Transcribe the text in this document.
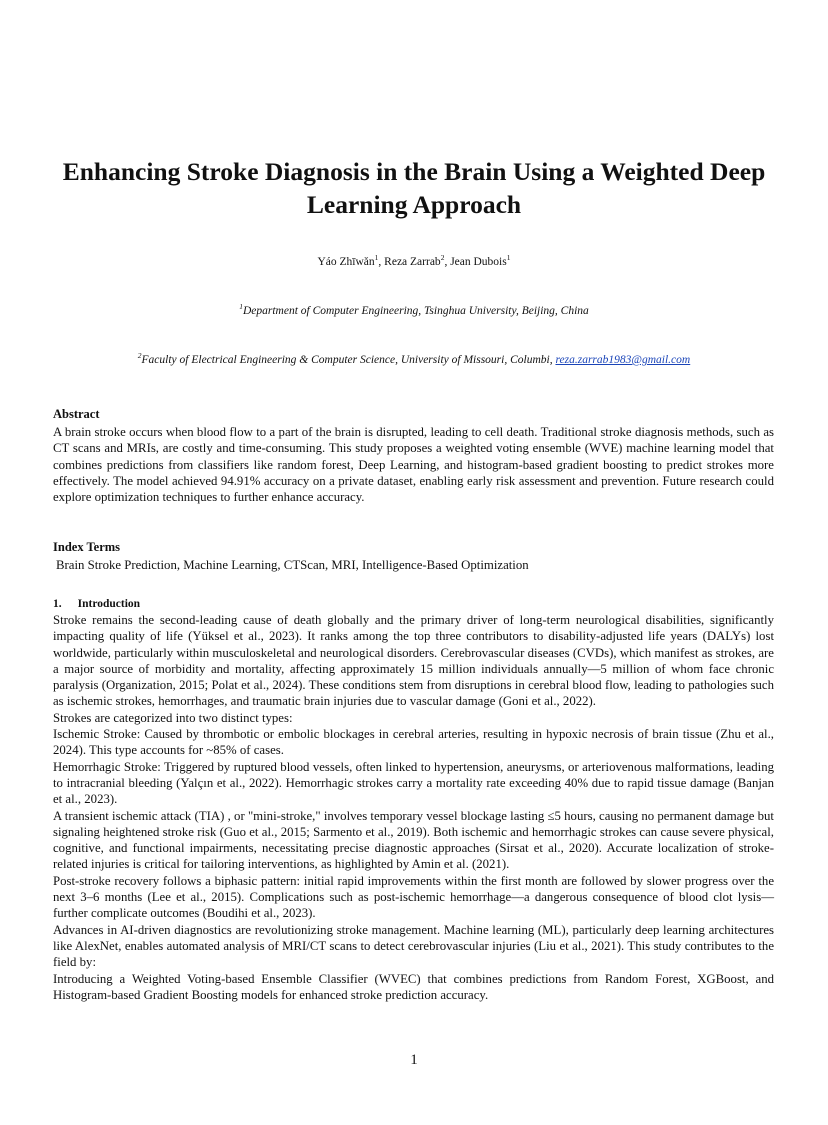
Enhancing Stroke Diagnosis in the Brain Using a Weighted Deep Learning Approach
Yáo Zhīwǎn$^1$, Reza Zarrab$^2$, Jean Dubois$^1$
$^1$Department of Computer Engineering, Tsinghua University, Beijing, China
$^2$Faculty of Electrical Engineering & Computer Science, University of Missouri, Columbi, reza.zarrab1983@gmail.com
Abstract

A brain stroke occurs when blood flow to a part of the brain is disrupted, leading to cell death. Traditional stroke diagnosis methods, such as CT scans and MRIs, are costly and time-consuming. This study proposes a weighted voting ensemble (WVE) machine learning model that combines predictions from classifiers like random forest, Deep Learning, and histogram-based gradient boosting to predict strokes more effectively. The model achieved 94.91% accuracy on a private dataset, enabling early risk assessment and prevention. Future research could explore optimization techniques to further enhance accuracy.

Index Terms

Brain Stroke Prediction, Machine Learning, CTScan, MRI, Intelligence-Based Optimization

1. Introduction

Stroke remains the second-leading cause of death globally and the primary driver of long-term neurological disabilities, significantly impacting quality of life (Yüksel et al., 2023). It ranks among the top three contributors to disability-adjusted life years (DALYs) lost worldwide, particularly within musculoskeletal and neurological disorders. Cerebrovascular diseases (CVDs), which manifest as strokes, are a major source of morbidity and mortality, affecting approximately 15 million individuals annually—5 million of whom face chronic paralysis (Organization, 2015; Polat et al., 2024). These conditions stem from disruptions in cerebral blood flow, leading to pathologies such as ischemic strokes, hemorrhages, and traumatic brain injuries due to vascular damage (Goni et al., 2022).

Strokes are categorized into two distinct types:

Ischemic Stroke: Caused by thrombotic or embolic blockages in cerebral arteries, resulting in hypoxic necrosis of brain tissue (Zhu et al., 2024). This type accounts for ~85% of cases.

Hemorrhagic Stroke: Triggered by ruptured blood vessels, often linked to hypertension, aneurysms, or arteriovenous malformations, leading to intracranial bleeding (Yalçın et al., 2022). Hemorrhagic strokes carry a mortality rate exceeding 40% due to rapid tissue damage (Banjan et al., 2023).

A transient ischemic attack (TIA) , or "mini-stroke," involves temporary vessel blockage lasting ≤5 hours, causing no permanent damage but signaling heightened stroke risk (Guo et al., 2015; Sarmento et al., 2019). Both ischemic and hemorrhagic strokes can cause severe physical, cognitive, and functional impairments, necessitating precise diagnostic approaches (Sirsat et al., 2020). Accurate localization of stroke-related injuries is critical for tailoring interventions, as highlighted by Amin et al. (2021).

Post-stroke recovery follows a biphasic pattern: initial rapid improvements within the first month are followed by slower progress over the next 3–6 months (Lee et al., 2015). Complications such as post-ischemic hemorrhage—a dangerous consequence of blood clot lysis—further complicate outcomes (Boudihi et al., 2023).

Advances in AI-driven diagnostics are revolutionizing stroke management. Machine learning (ML), particularly deep learning architectures like AlexNet, enables automated analysis of MRI/CT scans to detect cerebrovascular injuries (Liu et al., 2021). This study contributes to the field by:

Introducing a Weighted Voting-based Ensemble Classifier (WVEC) that combines predictions from Random Forest, XGBoost, and Histogram-based Gradient Boosting models for enhanced stroke prediction accuracy.

1
